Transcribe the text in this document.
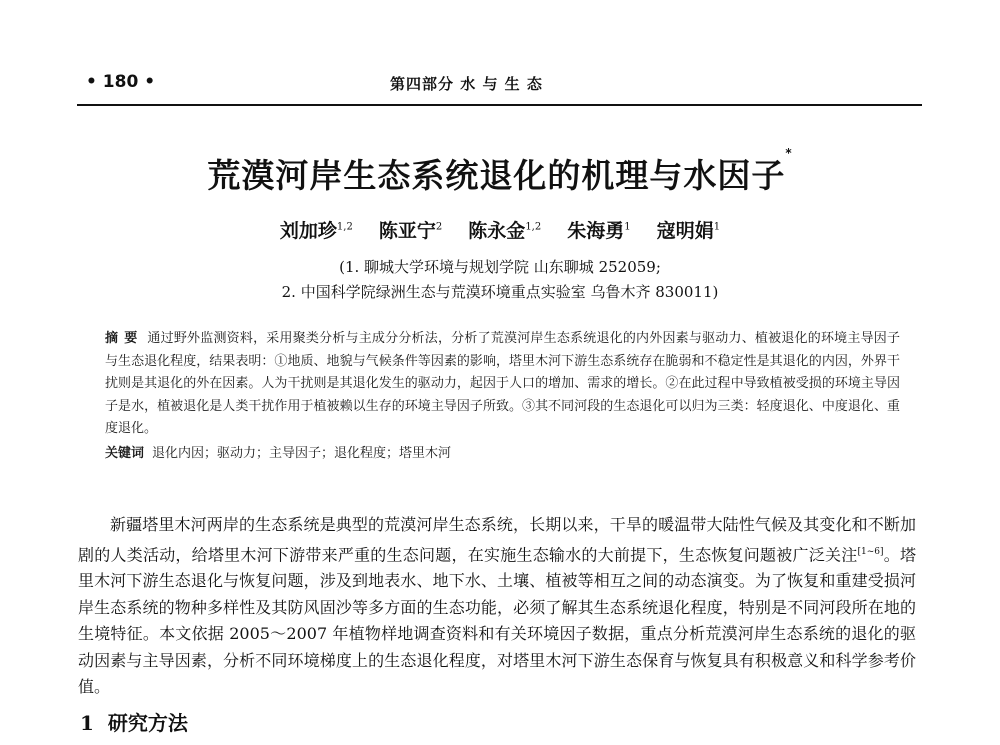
• 180 •	第四部分 水 与 生 态
荒漠河岸生态系统退化的机理与水因子*
刘加珍$^{1,2}$ 陈亚宁$^2$ 陈永金$^{1,2}$ 朱海勇$^1$ 寇明娟$^1$
(1. 聊城大学环境与规划学院 山东聊城 252059;
2. 中国科学院绿洲生态与荒漠环境重点实验室 乌鲁木齐 830011)
摘要 通过野外监测资料，采用聚类分析与主成分分析法，分析了荒漠河岸生态系统退化的内外因素与驱动力、植被退化的环境主导因子与生态退化程度，结果表明：①地质、地貌与气候条件等因素的影响，塔里木河下游生态系统存在脆弱和不稳定性是其退化的内因，外界干扰则是其退化的外在因素。人为干扰则是其退化发生的驱动力，起因于人口的增加、需求的增长。②在此过程中导致植被受损的环境主导因子是水，植被退化是人类干扰作用于植被赖以生存的环境主导因子所致。③其不同河段的生态退化可以归为三类：轻度退化、中度退化、重度退化。
关键词 退化内因；驱动力；主导因子；退化程度；塔里木河

新疆塔里木河两岸的生态系统是典型的荒漠河岸生态系统，长期以来，干旱的暖温带大陆性气候及其变化和不断加剧的人类活动，给塔里木河下游带来严重的生态问题，在实施生态输水的大前提下，生态恢复问题被广泛关注[1~6]。塔里木河下游生态退化与恢复问题，涉及到地表水、地下水、土壤、植被等相互之间的动态演变。为了恢复和重建受损河岸生态系统的物种多样性及其防风固沙等多方面的生态功能，必须了解其生态系统退化程度，特别是不同河段所在地的生境特征。本文依据 2005～2007 年植物样地调查资料和有关环境因子数据，重点分析荒漠河岸生态系统的退化的驱动因素与主导因素，分析不同环境梯度上的生态退化程度，对塔里木河下游生态保育与恢复具有积极意义和科学参考价值。

1 研究方法
